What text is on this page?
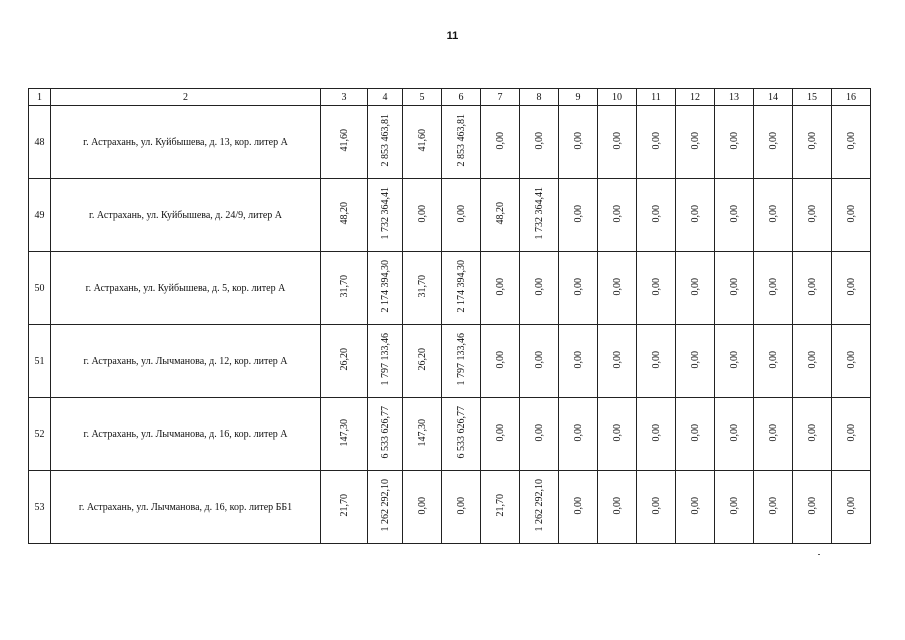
11
1	2	3	4	5	6	7	8	9	10	11	12	13	14	15	16
48	г. Астрахань, ул. Куйбышева, д. 13, кор. литер А	41,60	2 853 463,81	41,60	2 853 463,81	0,00	0,00	0,00	0,00	0,00	0,00	0,00	0,00	0,00	0,00
49	г. Астрахань, ул. Куйбышева, д. 24/9, литер А	48,20	1 732 364,41	0,00	0,00	48,20	1 732 364,41	0,00	0,00	0,00	0,00	0,00	0,00	0,00	0,00
50	г. Астрахань, ул. Куйбышева, д. 5, кор. литер А	31,70	2 174 394,30	31,70	2 174 394,30	0,00	0,00	0,00	0,00	0,00	0,00	0,00	0,00	0,00	0,00
51	г. Астрахань, ул. Лычманова, д. 12, кор. литер А	26,20	1 797 133,46	26,20	1 797 133,46	0,00	0,00	0,00	0,00	0,00	0,00	0,00	0,00	0,00	0,00
52	г. Астрахань, ул. Лычманова, д. 16, кор. литер А	147,30	6 533 626,77	147,30	6 533 626,77	0,00	0,00	0,00	0,00	0,00	0,00	0,00	0,00	0,00	0,00
53	г. Астрахань, ул. Лычманова, д. 16, кор. литер ББ1	21,70	1 262 292,10	0,00	0,00	21,70	1 262 292,10	0,00	0,00	0,00	0,00	0,00	0,00	0,00	0,00
